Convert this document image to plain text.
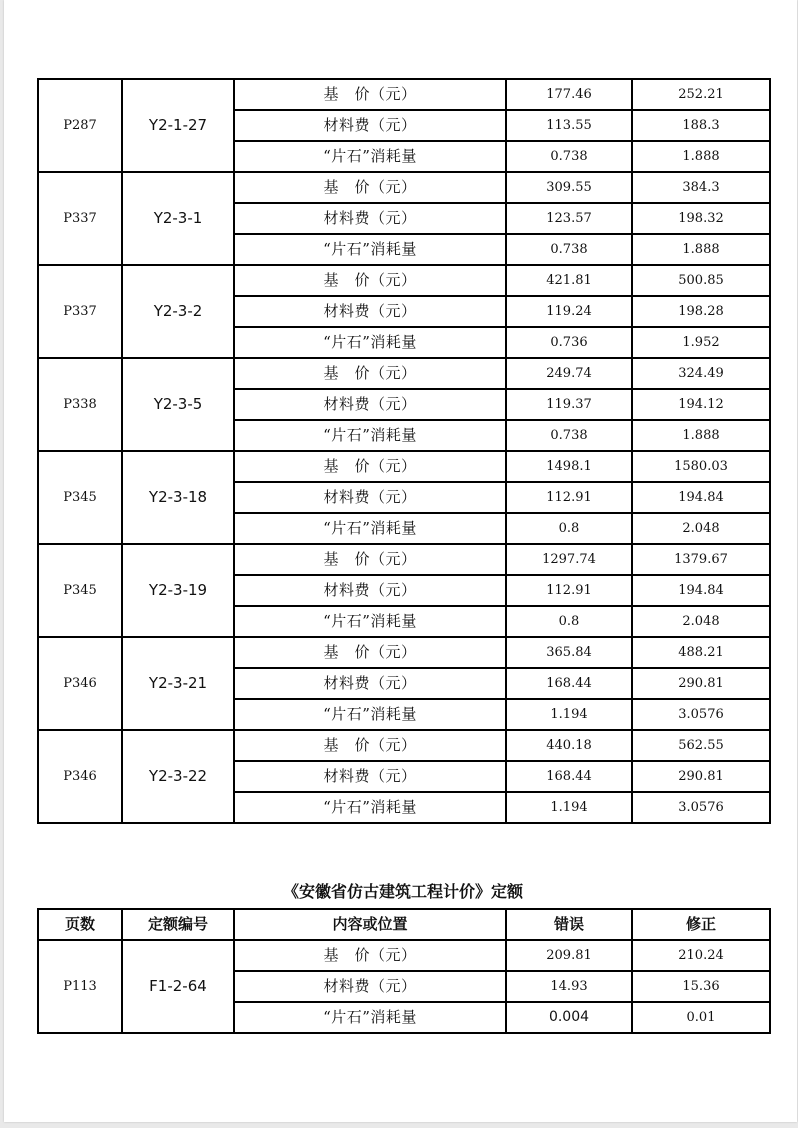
P287	Y2-1-27	基　价（元）	177.46	252.21
		材料费（元）	113.55	188.3
		“片石”消耗量	0.738	1.888
P337	Y2-3-1	基　价（元）	309.55	384.3
		材料费（元）	123.57	198.32
		“片石”消耗量	0.738	1.888
P337	Y2-3-2	基　价（元）	421.81	500.85
		材料费（元）	119.24	198.28
		“片石”消耗量	0.736	1.952
P338	Y2-3-5	基　价（元）	249.74	324.49
		材料费（元）	119.37	194.12
		“片石”消耗量	0.738	1.888
P345	Y2-3-18	基　价（元）	1498.1	1580.03
		材料费（元）	112.91	194.84
		“片石”消耗量	0.8	2.048
P345	Y2-3-19	基　价（元）	1297.74	1379.67
		材料费（元）	112.91	194.84
		“片石”消耗量	0.8	2.048
P346	Y2-3-21	基　价（元）	365.84	488.21
		材料费（元）	168.44	290.81
		“片石”消耗量	1.194	3.0576
P346	Y2-3-22	基　价（元）	440.18	562.55
		材料费（元）	168.44	290.81
		“片石”消耗量	1.194	3.0576
《安徽省仿古建筑工程计价》定额
页数	定额编号	内容或位置	错误	修正
P113	F1-2-64	基　价（元）	209.81	210.24
		材料费（元）	14.93	15.36
		“片石”消耗量	0.004	0.01
